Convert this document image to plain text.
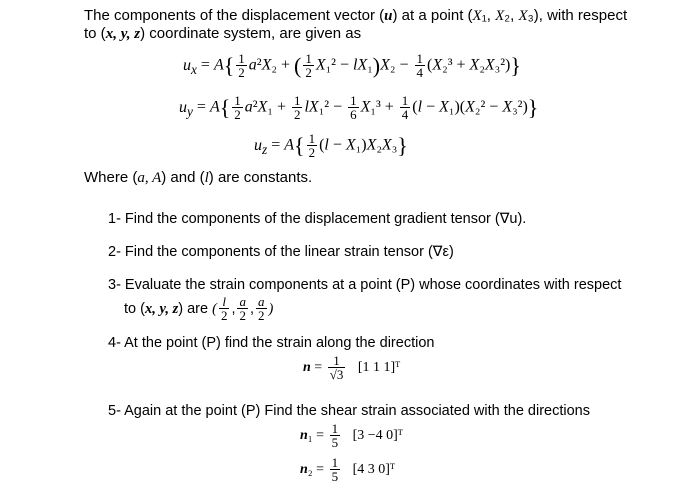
The components of the displacement vector (u) at a point (X₁, X₂, X₃), with respect
to (x, y, z) coordinate system, are given as
$u_x = A\{ \frac{1}{2} a^2X_2$ + ( $\frac{1}{2} X_1^2 - lX_1)X_2 - \frac{1}{4} (X_2^3 + X_2X_3^2)$}
$u_y = A\{ \frac{1}{2} a^2X_1 + \frac{1}{2} lX_1^2 - \frac{1}{6} X_1^3 + \frac{1}{4} (l - X_1)(X_2^2 - X_3^2)\}$
$u_z = A\{ \frac{1}{2} (l - X_1)X_2X_3\}$
Where (a, A) and (l) are constants.
1- Find the components of the displacement gradient tensor (∇u).
2- Find the components of the linear strain tensor (∇ε)
3- Evaluate the strain components at a point (P) whose coordinates with respect
to (x, y, z) are ( $\frac{l}{2}$ , $\frac{a}{2}$ , $\frac{a}{2}$ )
4- At the point (P) find the strain along the direction
$n = \frac{1}{√3} [1$ 1 1]ᵀ
5- Again at the point (P) Find the shear strain associated with the directions
$n_1 = \frac{1}{5} [3 -4$ 0]ᵀ
$n_2 = \frac{1}{5} [4$ 3 0]ᵀ
